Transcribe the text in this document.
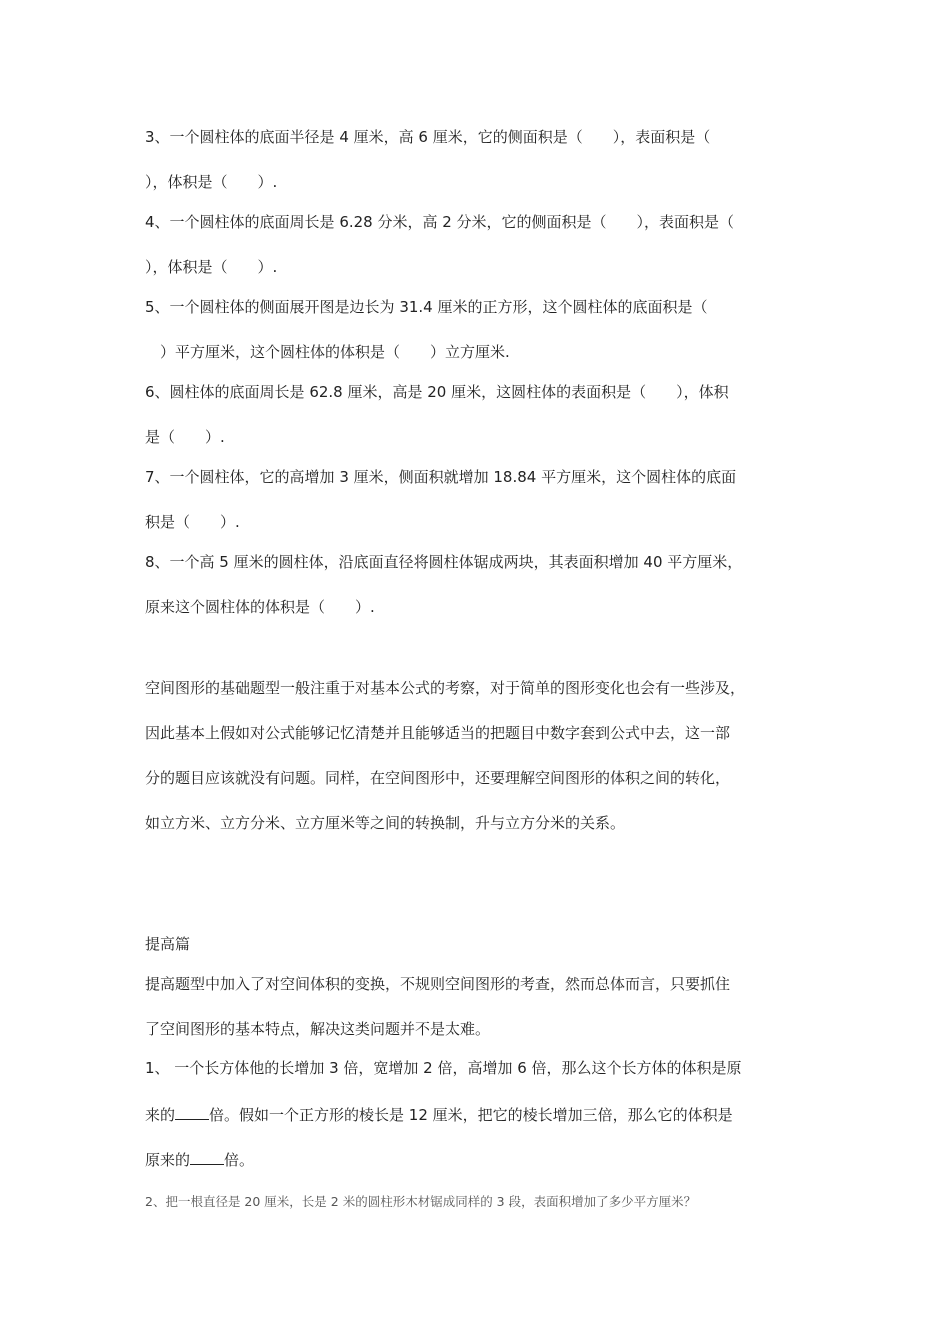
3、一个圆柱体的底面半径是 4 厘米，高 6 厘米，它的侧面积是（　　），表面积是（
），体积是（　　）.
4、一个圆柱体的底面周长是 6.28 分米，高 2 分米，它的侧面积是（　　），表面积是（
），体积是（　　）.
5、一个圆柱体的侧面展开图是边长为 31.4 厘米的正方形，这个圆柱体的底面积是（
　）平方厘米，这个圆柱体的体积是（　　）立方厘米.
6、圆柱体的底面周长是 62.8 厘米，高是 20 厘米，这圆柱体的表面积是（　　），体积
是（　　）.
7、一个圆柱体，它的高增加 3 厘米，侧面积就增加 18.84 平方厘米，这个圆柱体的底面
积是（　　）.
8、一个高 5 厘米的圆柱体，沿底面直径将圆柱体锯成两块，其表面积增加 40 平方厘米，
原来这个圆柱体的体积是（　　）.
空间图形的基础题型一般注重于对基本公式的考察，对于简单的图形变化也会有一些涉及，
因此基本上假如对公式能够记忆清楚并且能够适当的把题目中数字套到公式中去，这一部
分的题目应该就没有问题。同样，在空间图形中，还要理解空间图形的体积之间的转化，
如立方米、立方分米、立方厘米等之间的转换制，升与立方分米的关系。
提高篇
提高题型中加入了对空间体积的变换，不规则空间图形的考查，然而总体而言，只要抓住
了空间图形的基本特点，解决这类问题并不是太难。
1、 一个长方体他的长增加 3 倍，宽增加 2 倍，高增加 6 倍，那么这个长方体的体积是原
来的 倍。假如一个正方形的棱长是 12 厘米，把它的棱长增加三倍，那么它的体积是
原来的 倍。
2、把一根直径是 20 厘米，长是 2 米的圆柱形木材锯成同样的 3 段，表面积增加了多少平方厘米？
